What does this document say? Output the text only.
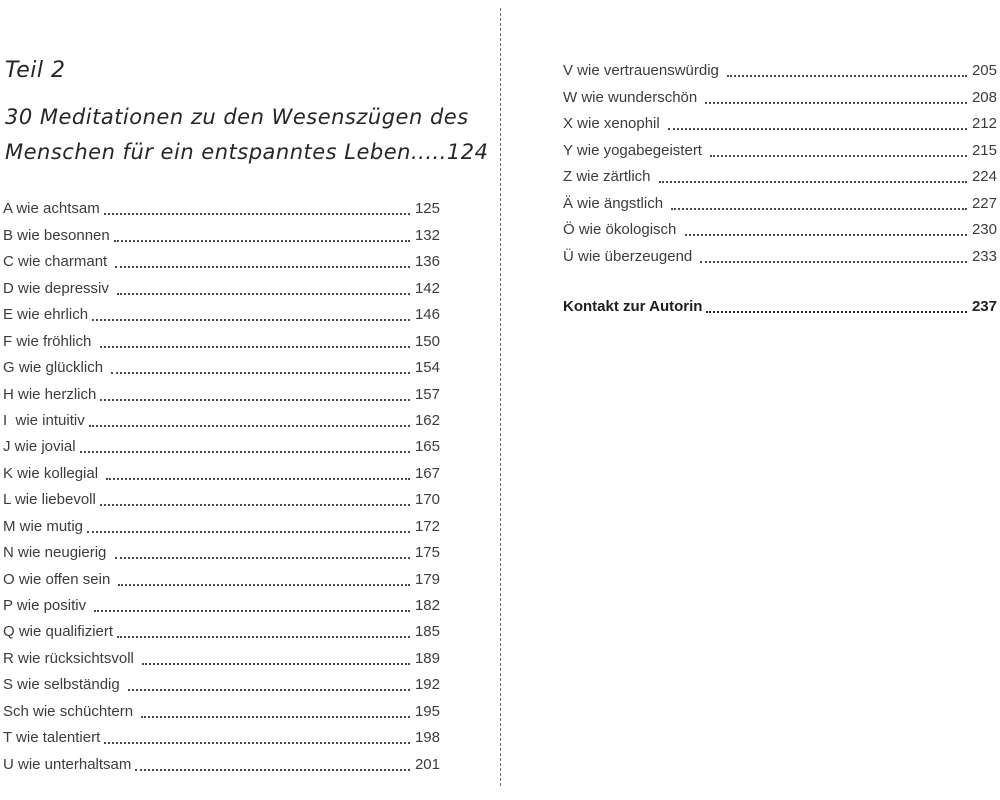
Teil 2
30 Meditationen zu den Wesenszügen des
Menschen für ein entspanntes Leben.....124
A wie achtsam	125
B wie besonnen	132
C wie charmant	136
D wie depressiv	142
E wie ehrlich	146
F wie fröhlich	150
G wie glücklich	154
H wie herzlich	157
I  wie intuitiv	162
J wie jovial	165
K wie kollegial	167
L wie liebevoll	170
M wie mutig	172
N wie neugierig	175
O wie offen sein	179
P wie positiv	182
Q wie qualifiziert	185
R wie rücksichtsvoll	189
S wie selbständig	192
Sch wie schüchtern	195
T wie talentiert	198
U wie unterhaltsam	201
V wie vertrauenswürdig	205
W wie wunderschön	208
X wie xenophil	212
Y wie yogabegeistert	215
Z wie zärtlich	224
Ä wie ängstlich	227
Ö wie ökologisch	230
Ü wie überzeugend	233
Kontakt zur Autorin	237
